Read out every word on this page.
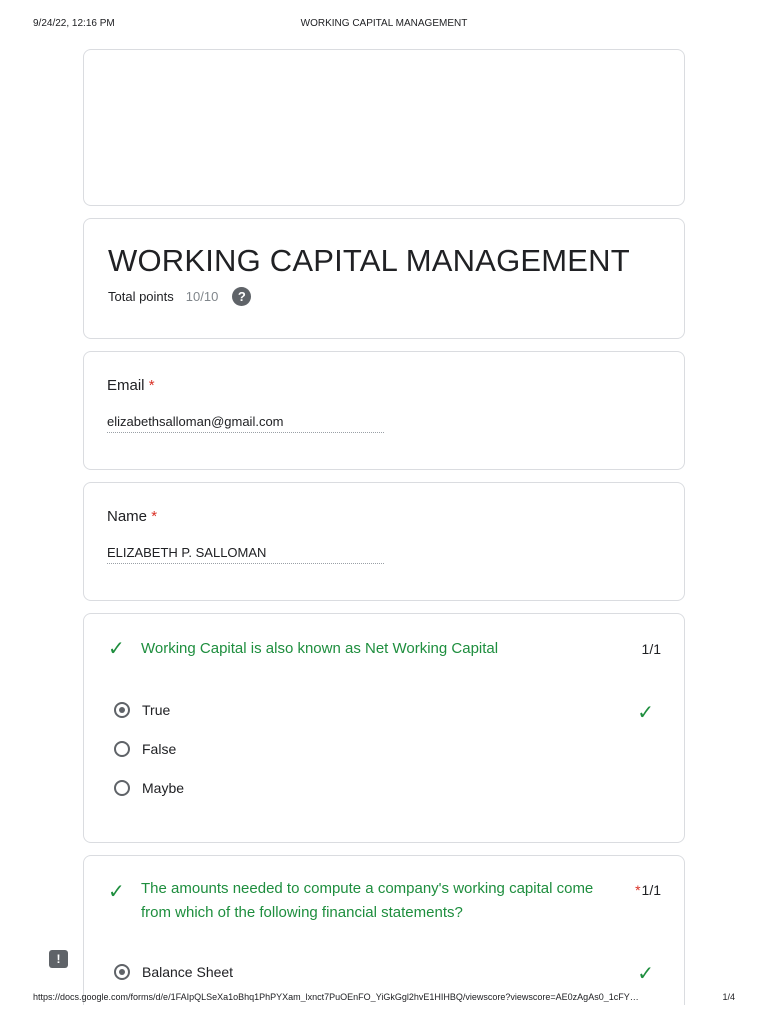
9/24/22, 12:16 PM	WORKING CAPITAL MANAGEMENT
WORKING CAPITAL MANAGEMENT
Total points 10/10	?
Email *
elizabethsalloman@gmail.com
Name *
ELIZABETH P. SALLOMAN
✓ Working Capital is also known as Net Working Capital	1/1
True	✓
False
Maybe
✓ The amounts needed to compute a company's working capital come
from which of the following financial statements?
*1/1
Balance Sheet	✓
!
https://docs.google.com/forms/d/e/1FAIpQLSeXa1oBhq1PhPYXam_lxnct7PuOEnFO_YiGkGgl2hvE1HIHBQ/viewscore?viewscore=AE0zAgAs0_1cFY…	1/4
